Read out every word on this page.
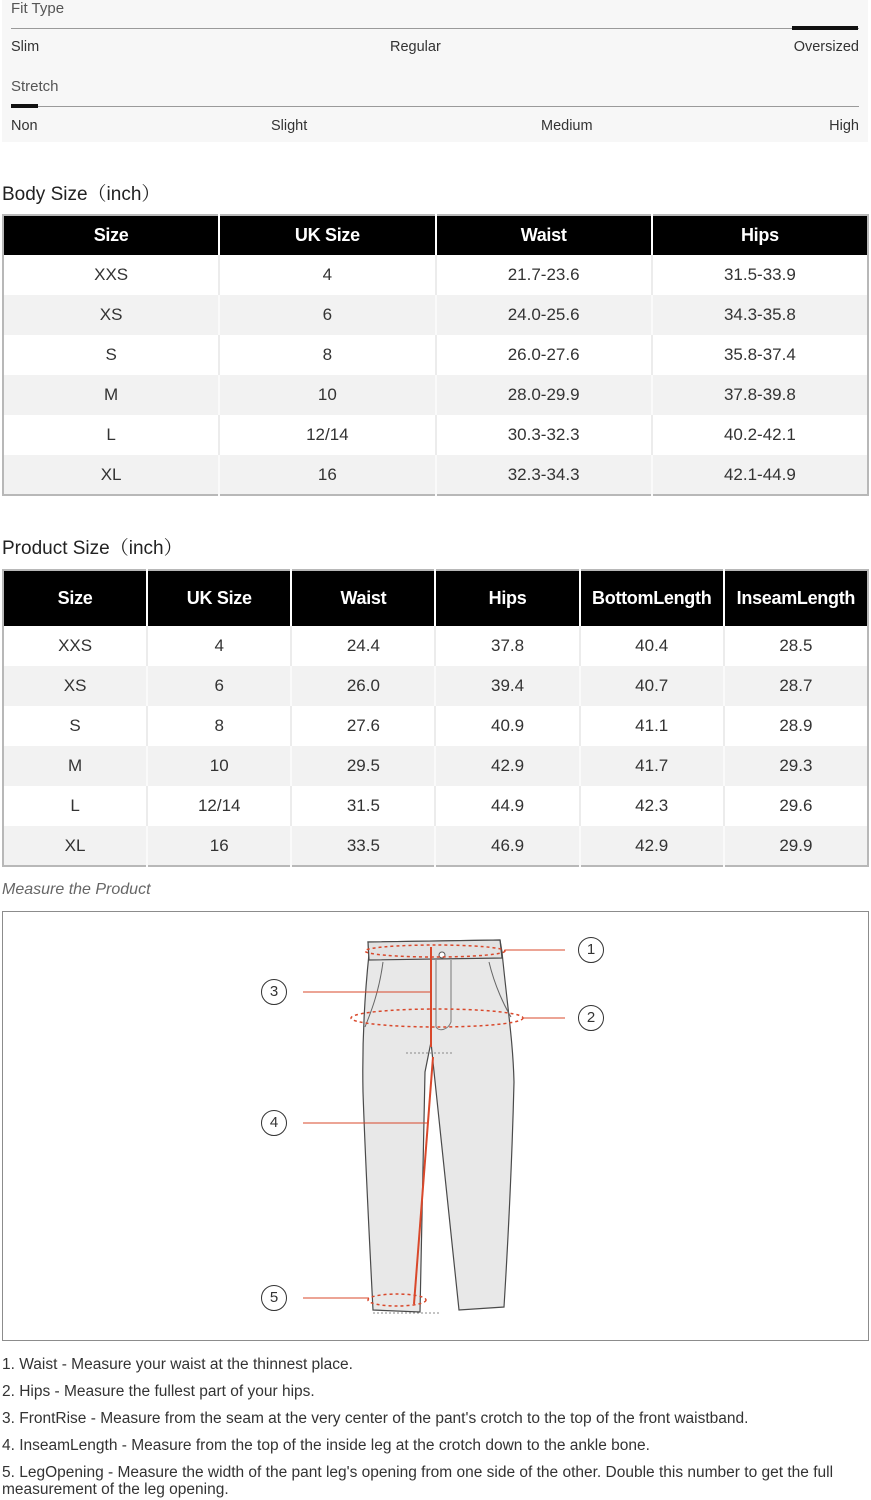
Fit Type
Slim	Regular	Oversized
Stretch
Non	Slight	Medium	High
Body Size（inch）
Size	UK Size	Waist	Hips
XXS	4	21.7-23.6	31.5-33.9
XS	6	24.0-25.6	34.3-35.8
S	8	26.0-27.6	35.8-37.4
M	10	28.0-29.9	37.8-39.8
L	12/14	30.3-32.3	40.2-42.1
XL	16	32.3-34.3	42.1-44.9
Product Size（inch）
Size	UK Size	Waist	Hips	BottomLength	InseamLength
XXS	4	24.4	37.8	40.4	28.5
XS	6	26.0	39.4	40.7	28.7
S	8	27.6	40.9	41.1	28.9
M	10	29.5	42.9	41.7	29.3
L	12/14	31.5	44.9	42.3	29.6
XL	16	33.5	46.9	42.9	29.9
Measure the Product
1
2
3
4
5
1. Waist - Measure your waist at the thinnest place.
2. Hips - Measure the fullest part of your hips.
3. FrontRise - Measure from the seam at the very center of the pant's crotch to the top of the front waistband.
4. InseamLength - Measure from the top of the inside leg at the crotch down to the ankle bone.
5. LegOpening - Measure the width of the pant leg's opening from one side of the other. Double this number to get the full measurement of the leg opening.
